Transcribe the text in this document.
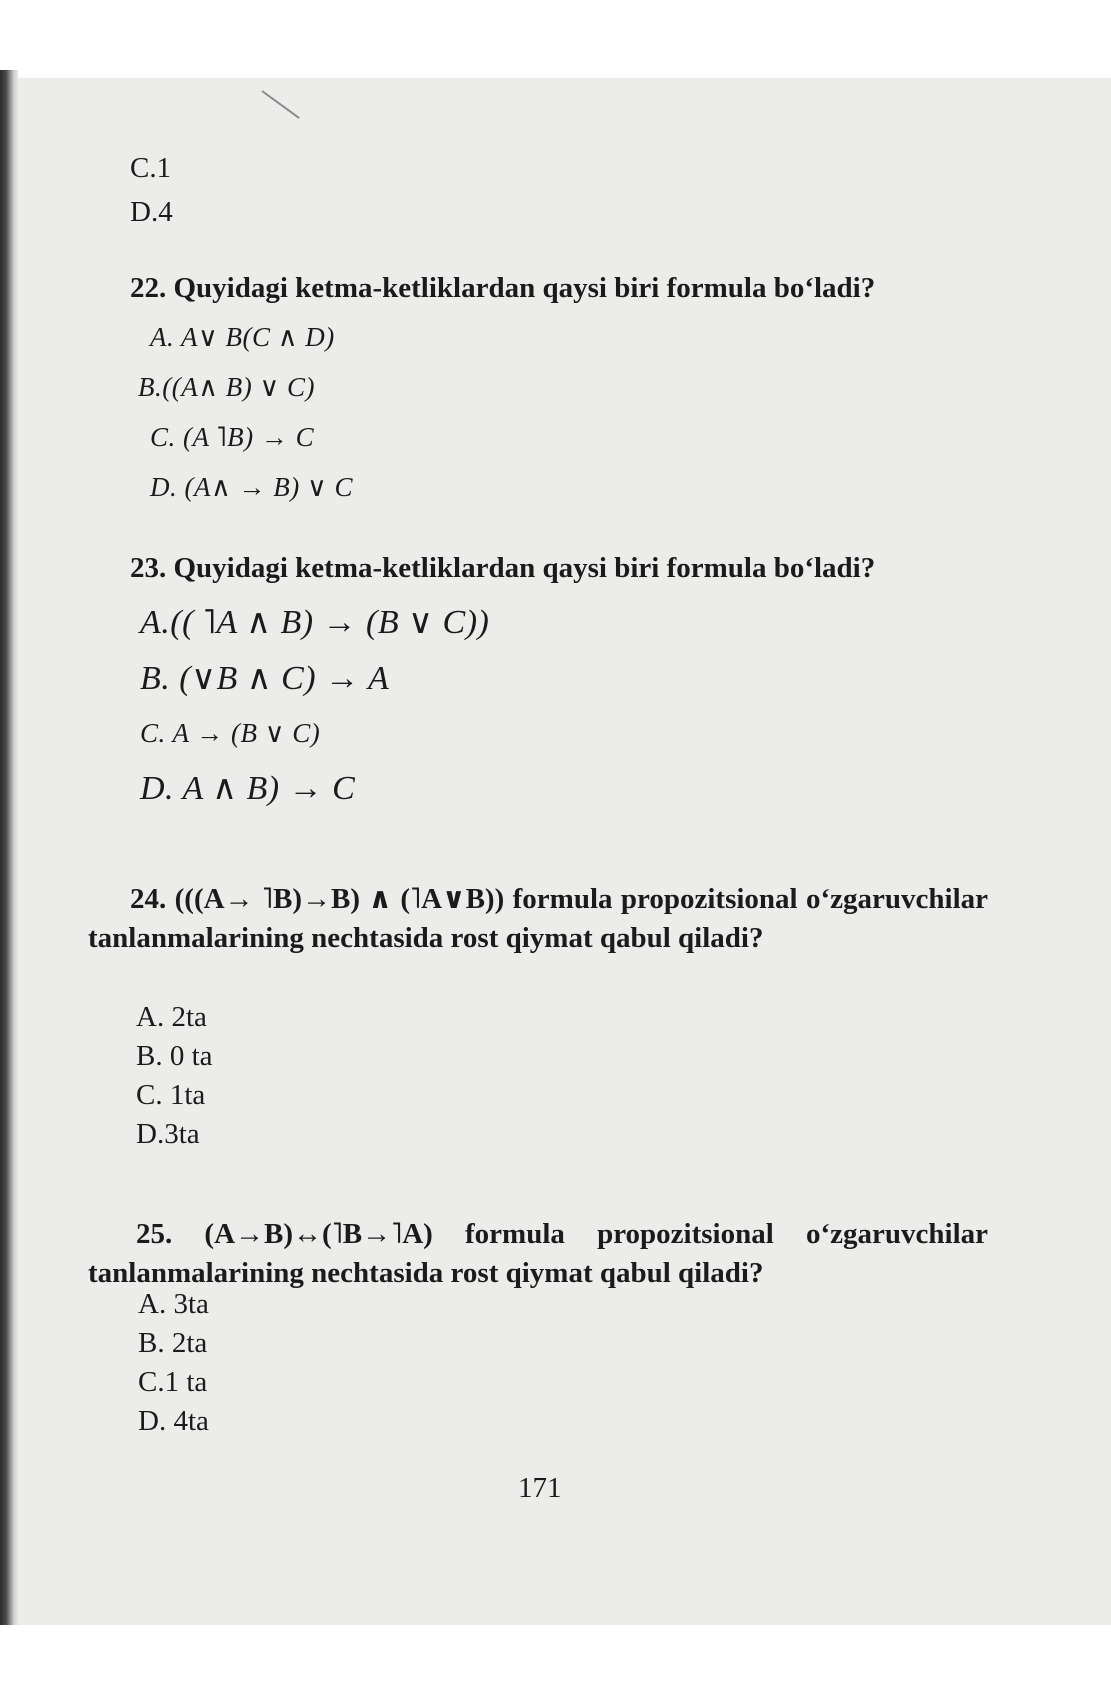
C.1

D.4

22. Quyidagi ketma-ketliklardan qaysi biri formula bo‘ladi?

A. A∨ B(C ∧ D)

B.((A∧ B) ∨ C)

C. (A ˥B) → C

D. (A∧ → B) ∨ C

23. Quyidagi ketma-ketliklardan qaysi biri formula bo‘ladi?

A.(( ˥A ∧ B) → (B ∨ C))

B. (∨B ∧ C) → A

C. A → (B ∨ C)

D. A ∧ B) → C

24. (((A→ ˥B)→B) ∧ (˥A∨B)) formula propozitsional o‘zgaruvchilar tanlanmalarining nechtasida rost qiymat qabul qiladi?

A. 2ta

B. 0 ta

C. 1ta

D.3ta

25. (A→B)↔(˥B→˥A) formula propozitsional o‘zgaruvchilar tanlanmalarining nechtasida rost qiymat qabul qiladi?

A. 3ta

B. 2ta

C.1 ta

D. 4ta

171
